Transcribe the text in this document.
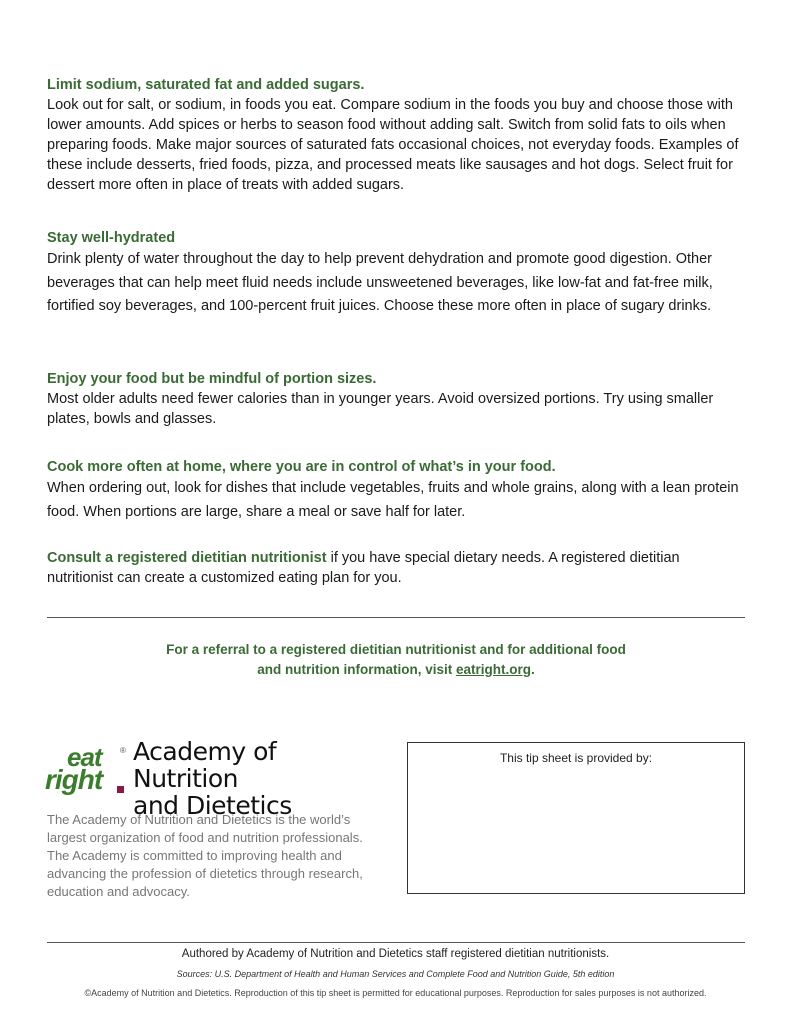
Limit sodium, saturated fat and added sugars.
Look out for salt, or sodium, in foods you eat. Compare sodium in the foods you buy and choose those with lower amounts. Add spices or herbs to season food without adding salt. Switch from solid fats to oils when preparing foods. Make major sources of saturated fats occasional choices, not everyday foods. Examples of these include desserts, fried foods, pizza, and processed meats like sausages and hot dogs. Select fruit for dessert more often in place of treats with added sugars.
Stay well-hydrated
Drink plenty of water throughout the day to help prevent dehydration and promote good digestion. Other beverages that can help meet fluid needs include unsweetened beverages, like low-fat and fat-free milk, fortified soy beverages, and 100-percent fruit juices. Choose these more often in place of sugary drinks.
Enjoy your food but be mindful of portion sizes.
Most older adults need fewer calories than in younger years. Avoid oversized portions. Try using smaller plates, bowls and glasses.
Cook more often at home, where you are in control of what’s in your food.
When ordering out, look for dishes that include vegetables, fruits and whole grains, along with a lean protein food. When portions are large, share a meal or save half for later.
Consult a registered dietitian nutritionist if you have special dietary needs. A registered dietitian nutritionist can create a customized eating plan for you.
For a referral to a registered dietitian nutritionist and for additional food
and nutrition information, visit eatright.org.
eat ®
right
Academy of Nutrition
and Dietetics
The Academy of Nutrition and Dietetics is the world’s largest organization of food and nutrition professionals. The Academy is committed to improving health and advancing the profession of dietetics through research, education and advocacy.
This tip sheet is provided by:
Authored by Academy of Nutrition and Dietetics staff registered dietitian nutritionists.
Sources: U.S. Department of Health and Human Services and Complete Food and Nutrition Guide, 5th edition
©Academy of Nutrition and Dietetics. Reproduction of this tip sheet is permitted for educational purposes. Reproduction for sales purposes is not authorized.
